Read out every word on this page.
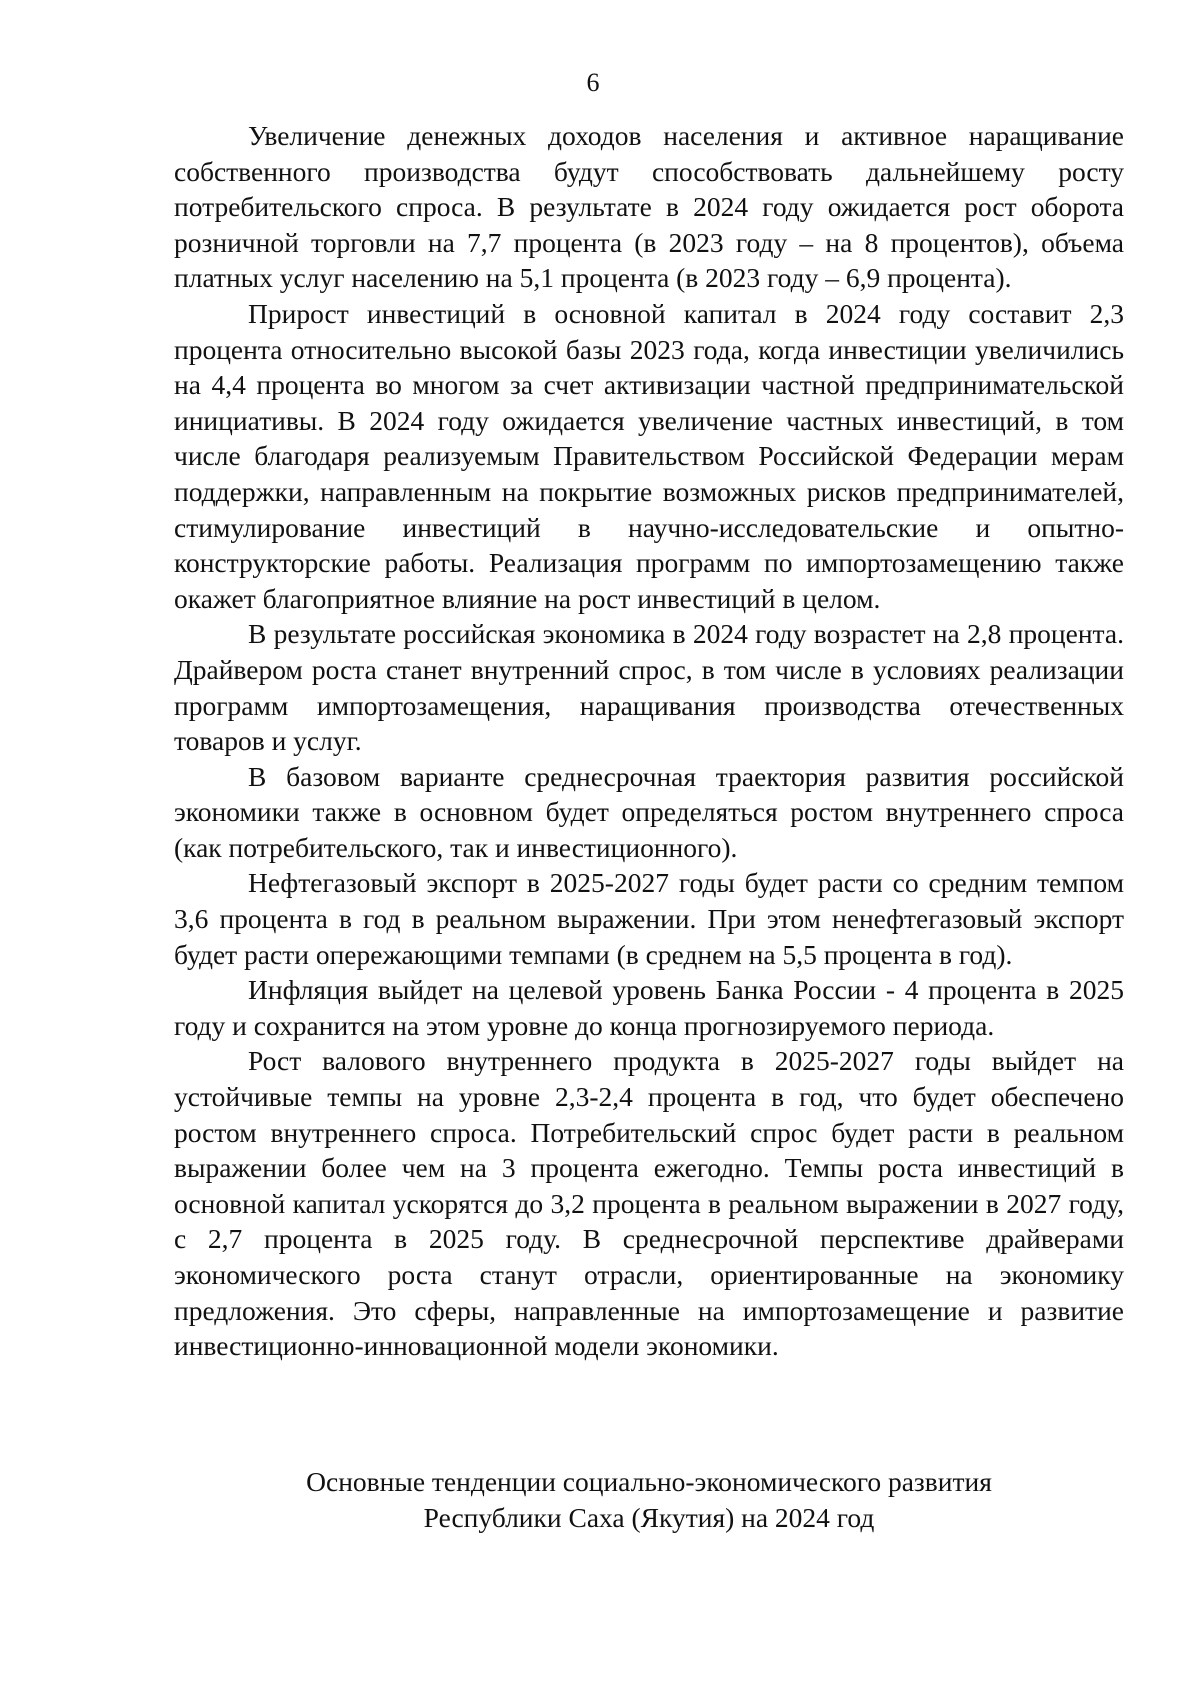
6

Увеличение денежных доходов населения и активное наращивание собственного производства будут способствовать дальнейшему росту потребительского спроса. В результате в 2024 году ожидается рост оборота розничной торговли на 7,7 процента (в 2023 году – на 8 процентов), объема платных услуг населению на 5,1 процента (в 2023 году – 6,9 процента).

Прирост инвестиций в основной капитал в 2024 году составит 2,3 процента относительно высокой базы 2023 года, когда инвестиции увеличились на 4,4 процента во многом за счет активизации частной предпринимательской инициативы. В 2024 году ожидается увеличение частных инвестиций, в том числе благодаря реализуемым Правительством Российской Федерации мерам поддержки, направленным на покрытие возможных рисков предпринимателей, стимулирование инвестиций в научно-исследовательские и опытно-конструкторские работы. Реализация программ по импортозамещению также окажет благоприятное влияние на рост инвестиций в целом.

В результате российская экономика в 2024 году возрастет на 2,8 процента. Драйвером роста станет внутренний спрос, в том числе в условиях реализации программ импортозамещения, наращивания производства отечественных товаров и услуг.

В базовом варианте среднесрочная траектория развития российской экономики также в основном будет определяться ростом внутреннего спроса (как потребительского, так и инвестиционного).

Нефтегазовый экспорт в 2025-2027 годы будет расти со средним темпом 3,6 процента в год в реальном выражении. При этом ненефтегазовый экспорт будет расти опережающими темпами (в среднем на 5,5 процента в год).

Инфляция выйдет на целевой уровень Банка России - 4 процента в 2025 году и сохранится на этом уровне до конца прогнозируемого периода.

Рост валового внутреннего продукта в 2025-2027 годы выйдет на устойчивые темпы на уровне 2,3-2,4 процента в год, что будет обеспечено ростом внутреннего спроса. Потребительский спрос будет расти в реальном выражении более чем на 3 процента ежегодно. Темпы роста инвестиций в основной капитал ускорятся до 3,2 процента в реальном выражении в 2027 году, с 2,7 процента в 2025 году. В среднесрочной перспективе драйверами экономического роста станут отрасли, ориентированные на экономику предложения. Это сферы, направленные на импортозамещение и развитие инвестиционно-инновационной модели экономики.

Основные тенденции социально-экономического развития
Республики Саха (Якутия) на 2024 год
